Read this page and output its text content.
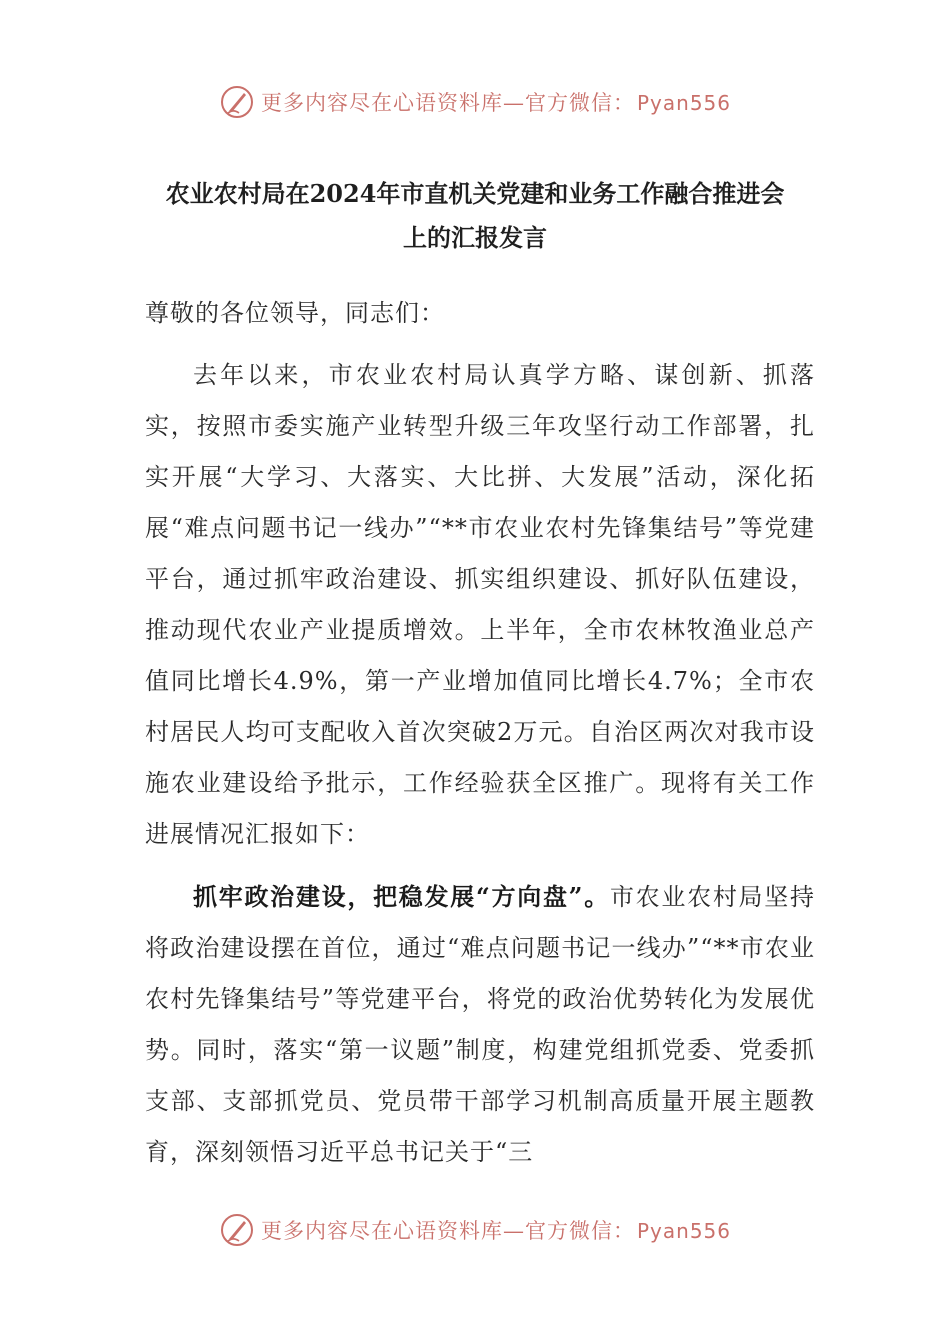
更多内容尽在心语资料库—官方微信： Pyan556
农业农村局在2024年市直机关党建和业务工作融合推进会
上的汇报发言

尊敬的各位领导，同志们：

去年以来，市农业农村局认真学方略、谋创新、抓落实，按照市委实施产业转型升级三年攻坚行动工作部署，扎实开展“大学习、大落实、大比拼、大发展”活动，深化拓展“难点问题书记一线办”“**市农业农村先锋集结号”等党建平台，通过抓牢政治建设、抓实组织建设、抓好队伍建设，推动现代农业产业提质增效。上半年，全市农林牧渔业总产值同比增长4.9%，第一产业增加值同比增长4.7%；全市农村居民人均可支配收入首次突破2万元。自治区两次对我市设施农业建设给予批示，工作经验获全区推广。现将有关工作进展情况汇报如下：

抓牢政治建设，把稳发展“方向盘”。市农业农村局坚持将政治建设摆在首位，通过“难点问题书记一线办”“**市农业农村先锋集结号”等党建平台，将党的政治优势转化为发展优势。同时，落实“第一议题”制度，构建党组抓党委、党委抓支部、支部抓党员、党员带干部学习机制高质量开展主题教育，深刻领悟习近平总书记关于“三

更多内容尽在心语资料库—官方微信： Pyan556
